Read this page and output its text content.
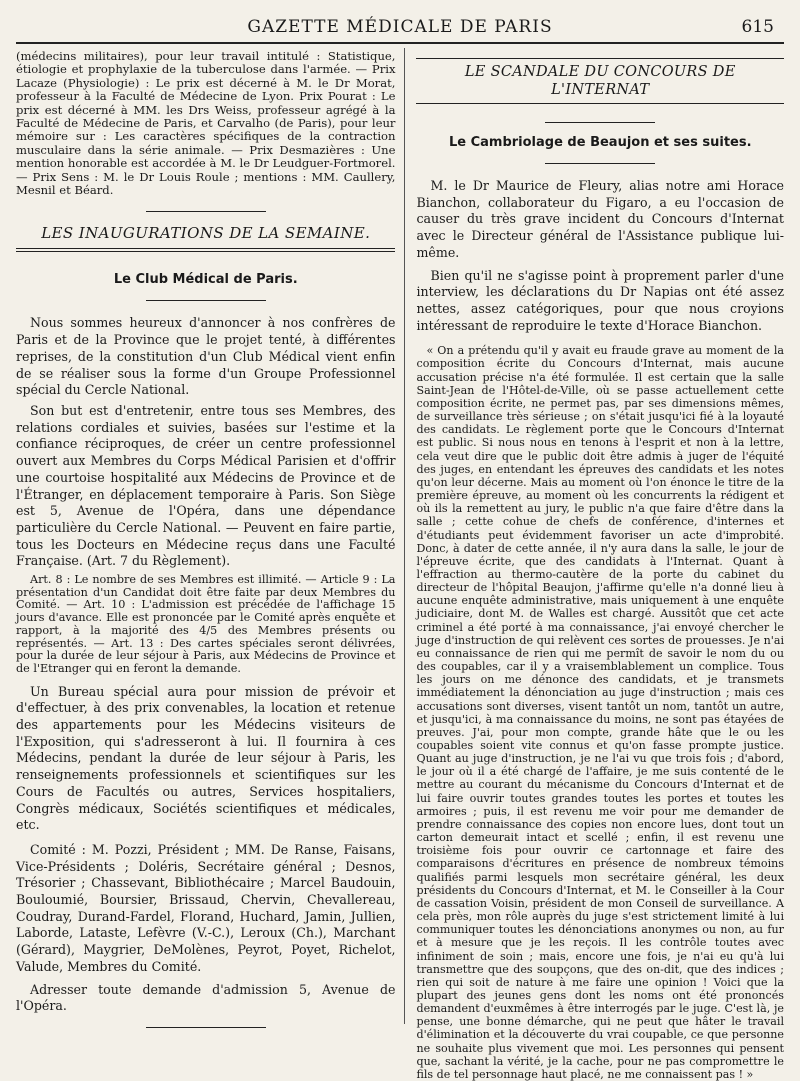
GAZETTE MÉDICALE DE PARIS	615

(médecins militaires), pour leur travail intitulé : Statistique, étiologie et prophylaxie de la tuberculose dans l'armée. — Prix Lacaze (Physiologie) : Le prix est décerné à M. le Dr Morat, professeur à la Faculté de Médecine de Lyon. Prix Pourat : Le prix est décerné à MM. les Drs Weiss, professeur agrégé à la Faculté de Médecine de Paris, et Carvalho (de Paris), pour leur mémoire sur : Les caractères spécifiques de la contraction musculaire dans la série animale. — Prix Desmazières : Une mention honorable est accordée à M. le Dr Leudguer-Fortmorel. — Prix Sens : M. le Dr Louis Roule ; mentions : MM. Caullery, Mesnil et Béard.

LES INAUGURATIONS DE LA SEMAINE.

Le Club Médical de Paris.

Nous sommes heureux d'annoncer à nos confrères de Paris et de la Province que le projet tenté, à différentes reprises, de la constitution d'un Club Médical vient enfin de se réaliser sous la forme d'un Groupe Professionnel spécial du Cercle National.

Son but est d'entretenir, entre tous ses Membres, des relations cordiales et suivies, basées sur l'estime et la confiance réciproques, de créer un centre professionnel ouvert aux Membres du Corps Médical Parisien et d'offrir une courtoise hospitalité aux Médecins de Province et de l'Étranger, en déplacement temporaire à Paris. Son Siège est 5, Avenue de l'Opéra, dans une dépendance particulière du Cercle National. — Peuvent en faire partie, tous les Docteurs en Médecine reçus dans une Faculté Française. (Art. 7 du Règlement).

Art. 8 : Le nombre de ses Membres est illimité. — Article 9 : La présentation d'un Candidat doit être faite par deux Membres du Comité. — Art. 10 : L'admission est précédée de l'affichage 15 jours d'avance. Elle est prononcée par le Comité après enquête et rapport, à la majorité des 4/5 des Membres présents ou représentés. — Art. 13 : Des cartes spéciales seront délivrées, pour la durée de leur séjour à Paris, aux Médecins de Province et de l'Etranger qui en feront la demande.

Un Bureau spécial aura pour mission de prévoir et d'effectuer, à des prix convenables, la location et retenue des appartements pour les Médecins visiteurs de l'Exposition, qui s'adresseront à lui. Il fournira à ces Médecins, pendant la durée de leur séjour à Paris, les renseignements professionnels et scientifiques sur les Cours de Facultés ou autres, Services hospitaliers, Congrès médicaux, Sociétés scientifiques et médicales, etc.

Comité : M. Pozzi, Président ; MM. De Ranse, Faisans, Vice-Présidents ; Doléris, Secrétaire général ; Desnos, Trésorier ; Chassevant, Bibliothécaire ; Marcel Baudouin, Bouloumié, Boursier, Brissaud, Chervin, Chevallereau, Coudray, Durand-Fardel, Florand, Huchard, Jamin, Jullien, Laborde, Lataste, Lefèvre (V.-C.), Leroux (Ch.), Marchant (Gérard), Maygrier, DeMolènes, Peyrot, Poyet, Richelot, Valude, Membres du Comité.

Adresser toute demande d'admission 5, Avenue de l'Opéra.

LE SCANDALE DU CONCOURS DE L'INTERNAT

Le Cambriolage de Beaujon et ses suites.

M. le Dr Maurice de Fleury, alias notre ami Horace Bianchon, collaborateur du Figaro, a eu l'occasion de causer du très grave incident du Concours d'Internat avec le Directeur général de l'Assistance publique lui-même.

Bien qu'il ne s'agisse point à proprement parler d'une interview, les déclarations du Dr Napias ont été assez nettes, assez catégoriques, pour que nous croyions intéressant de reproduire le texte d'Horace Bianchon.

« On a prétendu qu'il y avait eu fraude grave au moment de la composition écrite du Concours d'Internat, mais aucune accusation précise n'a été formulée. Il est certain que la salle Saint-Jean de l'Hôtel-de-Ville, où se passe actuellement cette composition écrite, ne permet pas, par ses dimensions mêmes, de surveillance très sérieuse ; on s'était jusqu'ici fié à la loyauté des candidats. Le règlement porte que le Concours d'Internat est public. Si nous nous en tenons à l'esprit et non à la lettre, cela veut dire que le public doit être admis à juger de l'équité des juges, en entendant les épreuves des candidats et les notes qu'on leur décerne. Mais au moment où l'on énonce le titre de la première épreuve, au moment où les concurrents la rédigent et où ils la remettent au jury, le public n'a que faire d'être dans la salle ; cette cohue de chefs de conférence, d'internes et d'étudiants peut évidemment favoriser un acte d'improbité. Donc, à dater de cette année, il n'y aura dans la salle, le jour de l'épreuve écrite, que des candidats à l'Internat. Quant à l'effraction au thermo-cautère de la porte du cabinet du directeur de l'hôpital Beaujon, j'affirme qu'elle n'a donné lieu à aucune enquête administrative, mais uniquement à une enquête judiciaire, dont M. de Walles est chargé. Aussitôt que cet acte criminel a été porté à ma connaissance, j'ai envoyé chercher le juge d'instruction de qui relèvent ces sortes de prouesses. Je n'ai eu connaissance de rien qui me permît de savoir le nom du ou des coupables, car il y a vraisemblablement un complice. Tous les jours on me dénonce des candidats, et je transmets immédiatement la dénonciation au juge d'instruction ; mais ces accusations sont diverses, visent tantôt un nom, tantôt un autre, et jusqu'ici, à ma connaissance du moins, ne sont pas étayées de preuves. J'ai, pour mon compte, grande hâte que le ou les coupables soient vite connus et qu'on fasse prompte justice. Quant au juge d'instruction, je ne l'ai vu que trois fois ; d'abord, le jour où il a été chargé de l'affaire, je me suis contenté de le mettre au courant du mécanisme du Concours d'Internat et de lui faire ouvrir toutes grandes toutes les portes et toutes les armoires ; puis, il est revenu me voir pour me demander de prendre connaissance des copies non encore lues, dont tout un carton demeurait intact et scellé ; enfin, il est revenu une troisième fois pour ouvrir ce cartonnage et faire des comparaisons d'écritures en présence de nombreux témoins qualifiés parmi lesquels mon secrétaire général, les deux présidents du Concours d'Internat, et M. le Conseiller à la Cour de cassation Voisin, président de mon Conseil de surveillance. A cela près, mon rôle auprès du juge s'est strictement limité à lui communiquer toutes les dénonciations anonymes ou non, au fur et à mesure que je les reçois. Il les contrôle toutes avec infiniment de soin ; mais, encore une fois, je n'ai eu qu'à lui transmettre que des soupçons, que des on-dit, que des indices ; rien qui soit de nature à me faire une opinion ! Voici que la plupart des jeunes gens dont les noms ont été prononcés demandent d'euxmêmes à être interrogés par le juge. C'est là, je pense, une bonne démarche, qui ne peut que hâter le travail d'élimination et la découverte du vrai coupable, ce que personne ne souhaite plus vivement que moi. Les personnes qui pensent que, sachant la vérité, je la cache, pour ne pas compromettre le fils de tel personnage haut placé, ne me connaissent pas ! »
